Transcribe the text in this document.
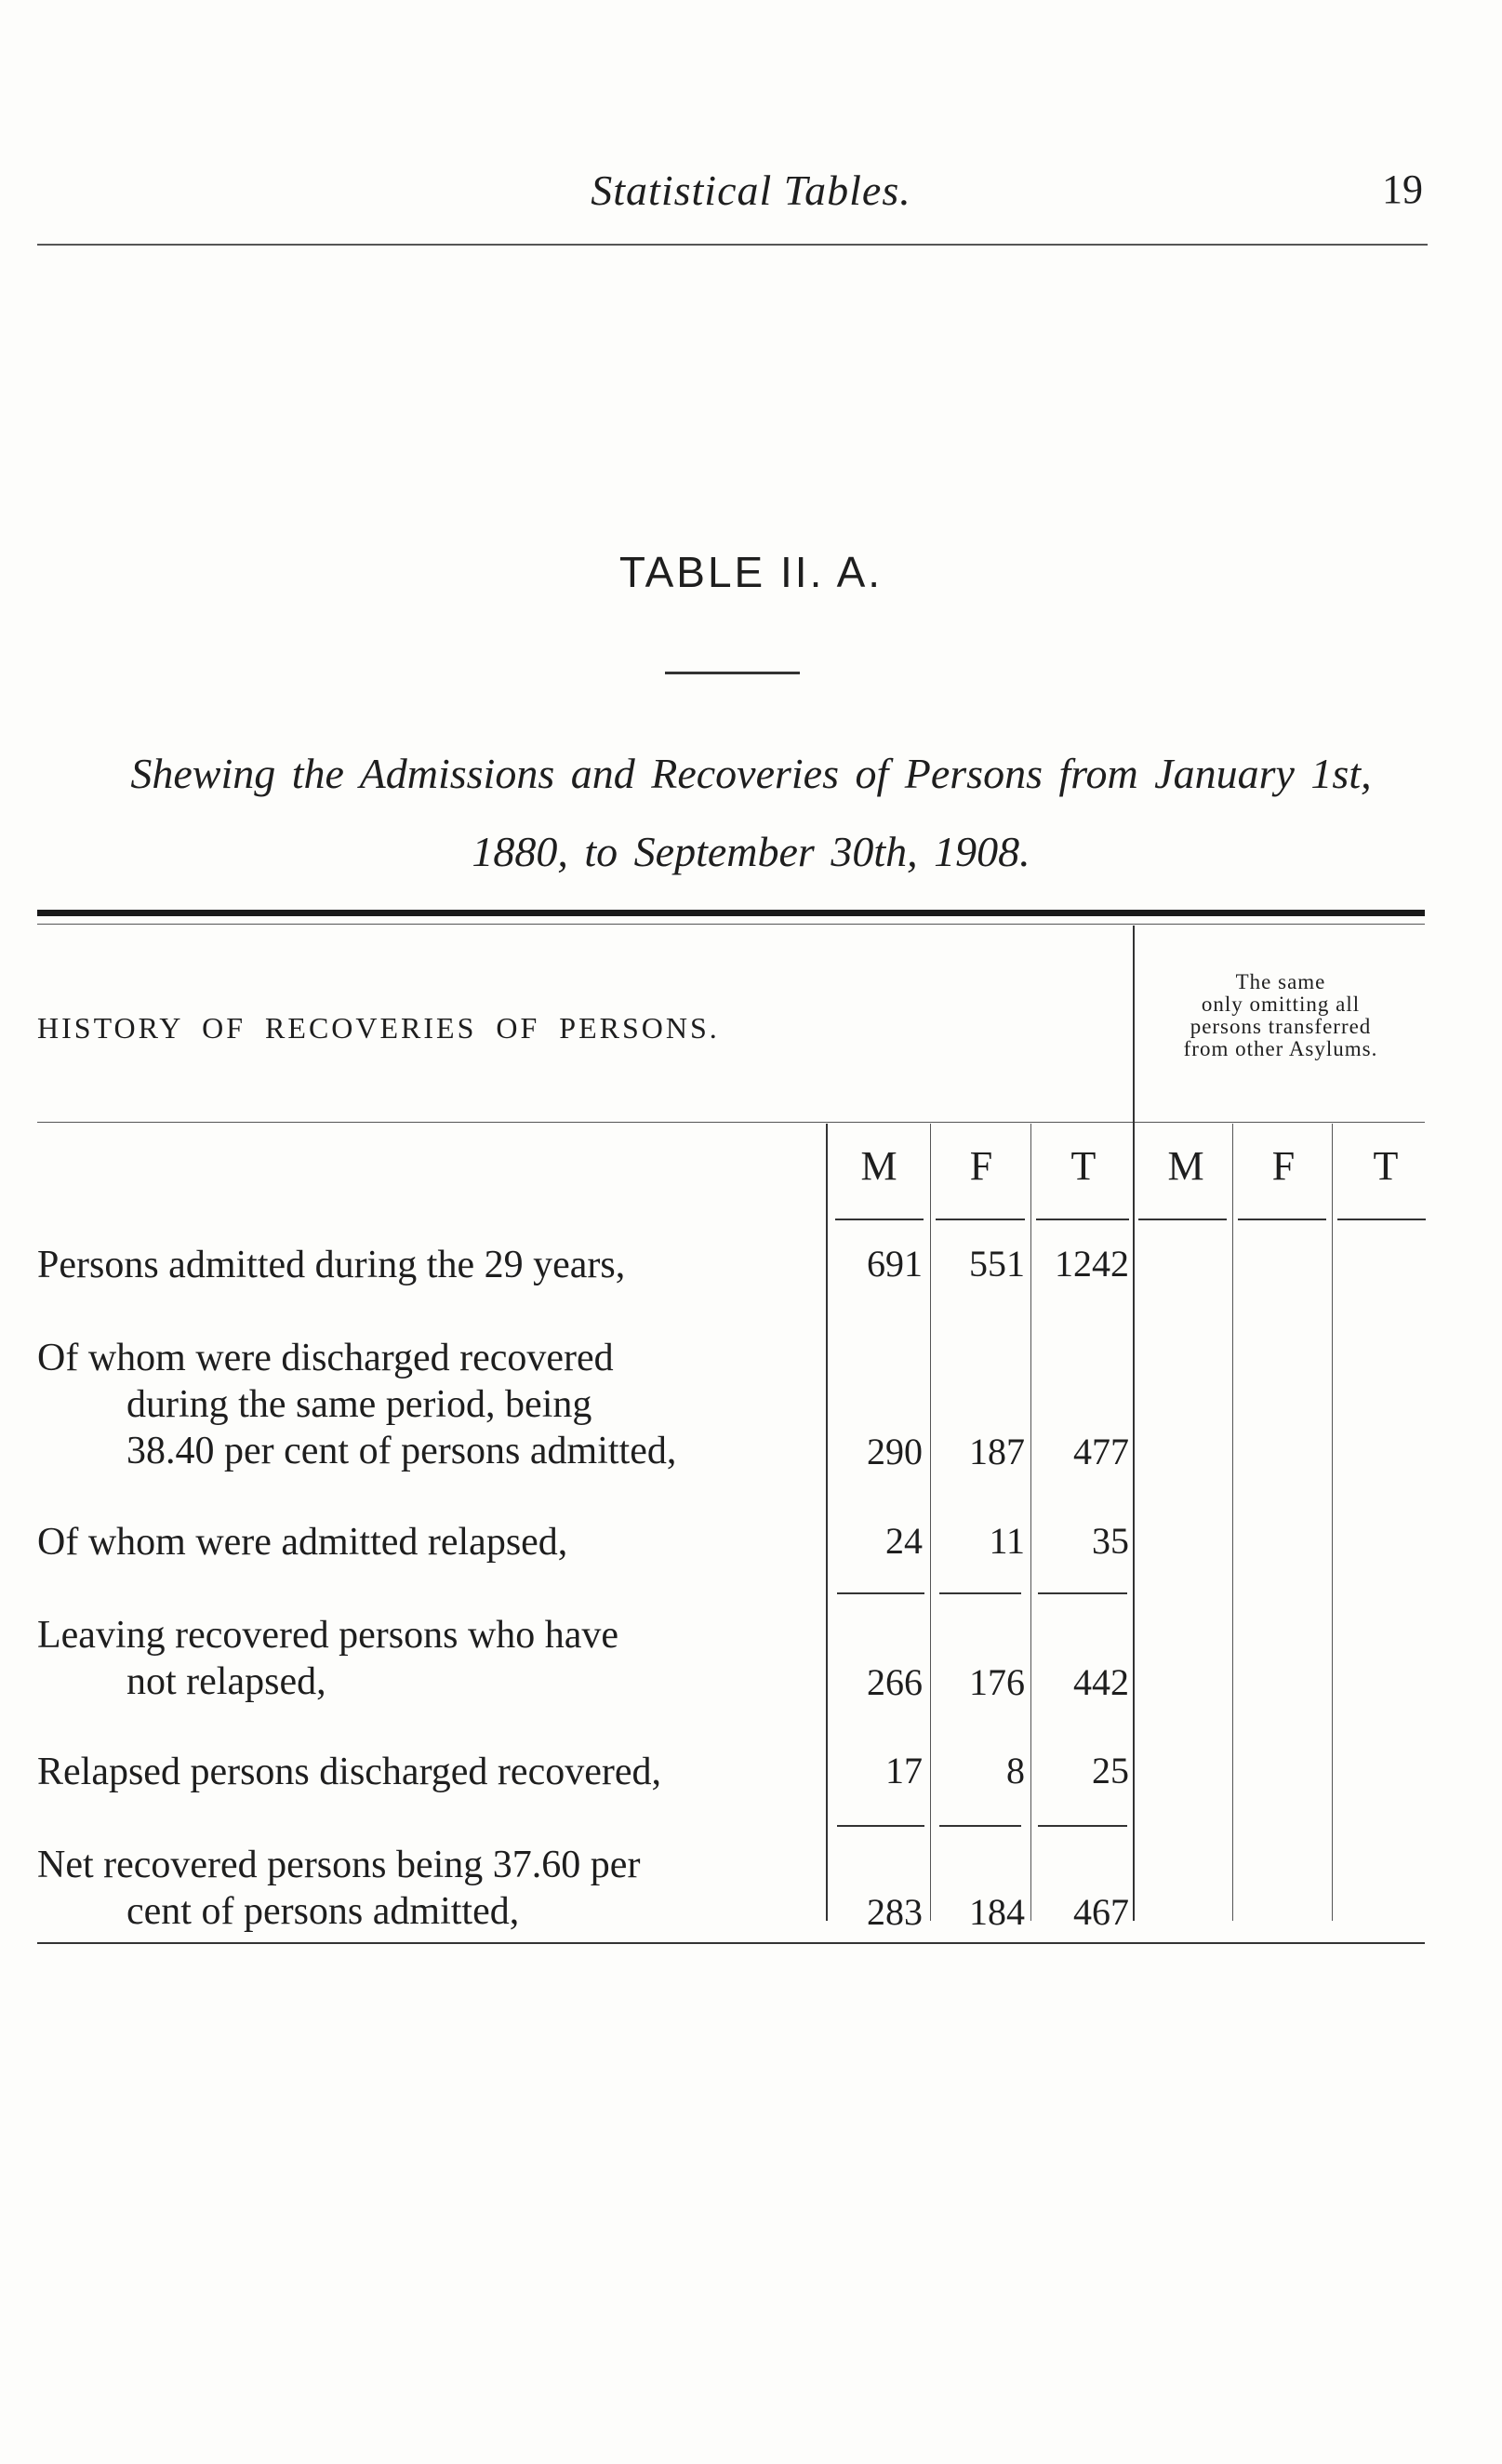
Statistical Tables.	19
TABLE II. A.
Shewing the Admissions and Recoveries of Persons from January 1st,
1880, to September 30th, 1908.
HISTORY OF RECOVERIES OF PERSONS.
The same
only omitting all
persons transferred
from other Asylums.
M	F	T	M	F	T
Persons admitted during the 29 years,	691	551 1242
Of whom were discharged recovered
during the same period, being
38.40 per cent of persons admitted,	290	187	477
Of whom were admitted relapsed,	24	11	35
Leaving recovered persons who have
not relapsed,	266	176	442
Relapsed persons discharged recovered,	17	8	25
Net recovered persons being 37.60 per
cent of persons admitted,	283	184	467
